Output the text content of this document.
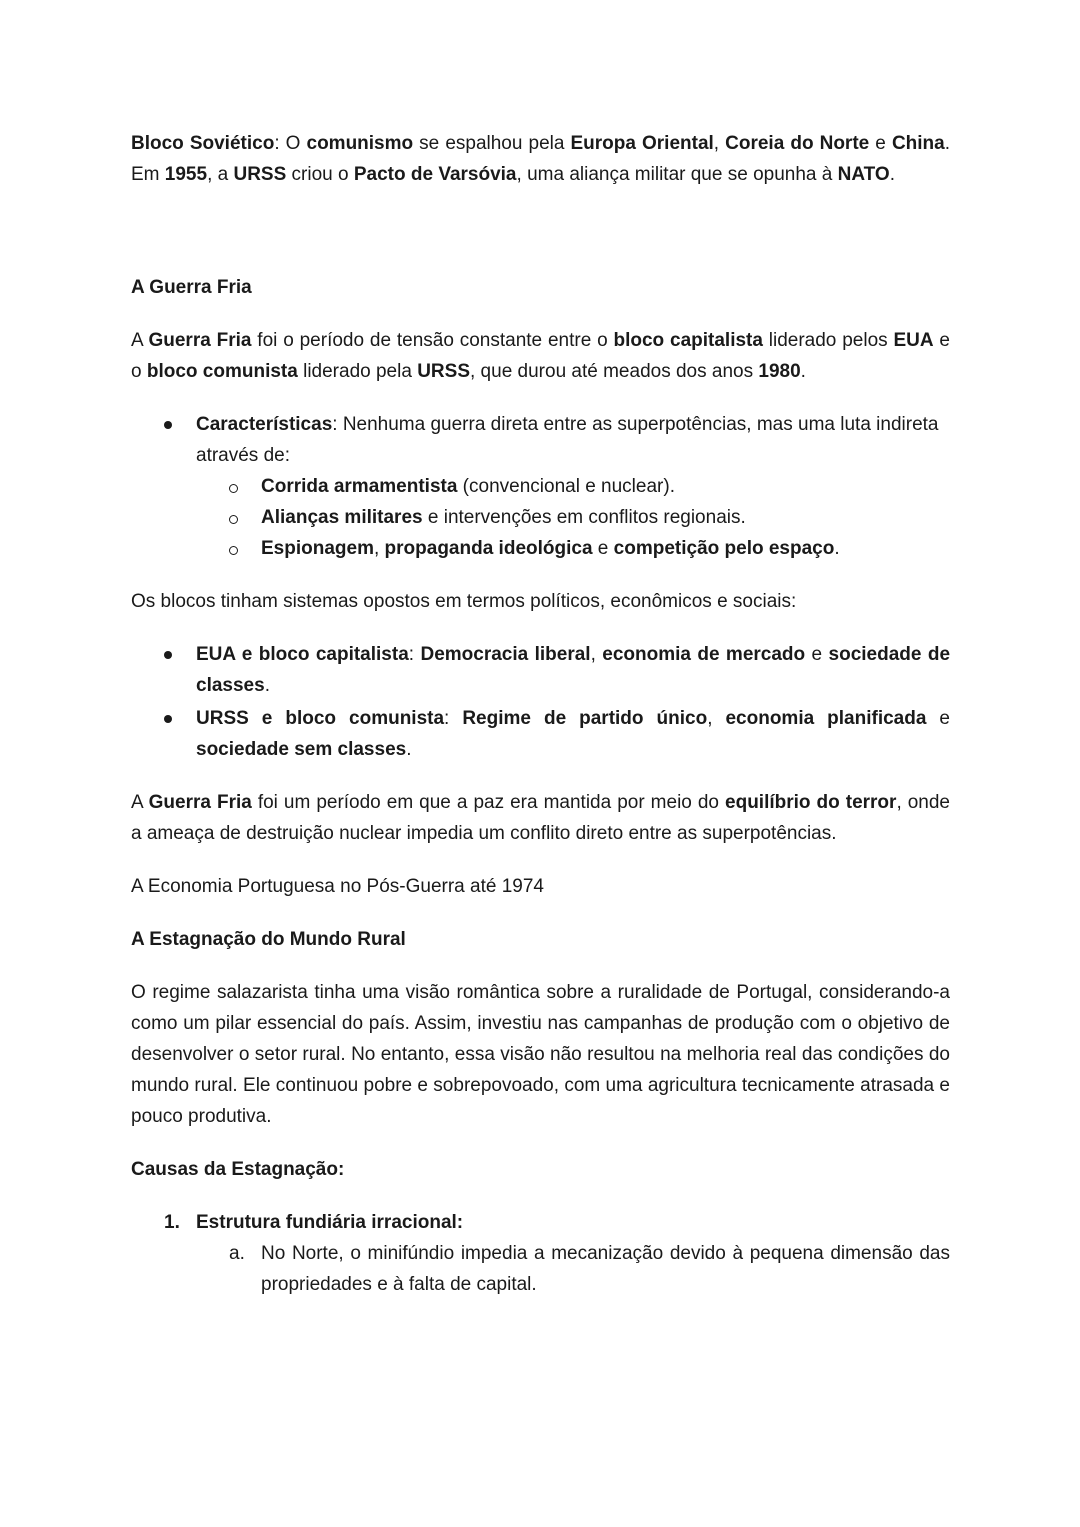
Bloco Soviético: O comunismo se espalhou pela Europa Oriental, Coreia do Norte e China. Em 1955, a URSS criou o Pacto de Varsóvia, uma aliança militar que se opunha à NATO.

A Guerra Fria

A Guerra Fria foi o período de tensão constante entre o bloco capitalista liderado pelos EUA e o bloco comunista liderado pela URSS, que durou até meados dos anos 1980.

Características: Nenhuma guerra direta entre as superpotências, mas uma luta indireta através de:
Corrida armamentista (convencional e nuclear).
Alianças militares e intervenções em conflitos regionais.
Espionagem, propaganda ideológica e competição pelo espaço.

Os blocos tinham sistemas opostos em termos políticos, econômicos e sociais:

EUA e bloco capitalista: Democracia liberal, economia de mercado e sociedade de classes.
URSS e bloco comunista: Regime de partido único, economia planificada e sociedade sem classes.

A Guerra Fria foi um período em que a paz era mantida por meio do equilíbrio do terror, onde a ameaça de destruição nuclear impedia um conflito direto entre as superpotências.

A Economia Portuguesa no Pós-Guerra até 1974

A Estagnação do Mundo Rural

O regime salazarista tinha uma visão romântica sobre a ruralidade de Portugal, considerando-a como um pilar essencial do país. Assim, investiu nas campanhas de produção com o objetivo de desenvolver o setor rural. No entanto, essa visão não resultou na melhoria real das condições do mundo rural. Ele continuou pobre e sobrepovoado, com uma agricultura tecnicamente atrasada e pouco produtiva.

Causas da Estagnação:

1. Estrutura fundiária irracional:
a. No Norte, o minifúndio impedia a mecanização devido à pequena dimensão das propriedades e à falta de capital.
